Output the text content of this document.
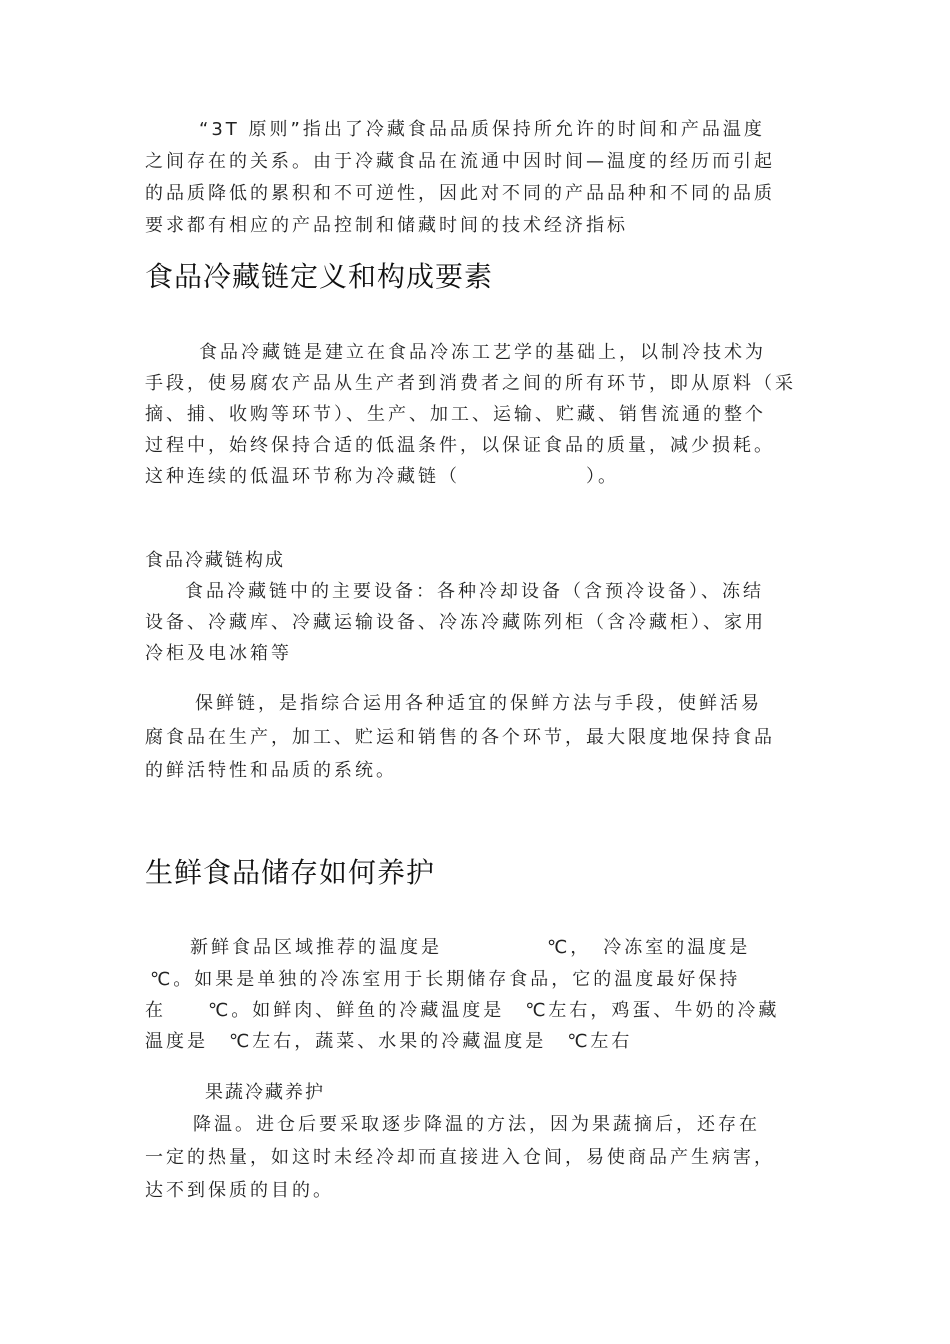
“3T 原则”指出了冷藏食品品质保持所允许的时间和产品温度
之间存在的关系。由于冷藏食品在流通中因时间—温度的经历而引起
的品质降低的累积和不可逆性，因此对不同的产品品种和不同的品质
要求都有相应的产品控制和储藏时间的技术经济指标
食品冷藏链定义和构成要素
食品冷藏链是建立在食品冷冻工艺学的基础上，以制冷技术为
手段，使易腐农产品从生产者到消费者之间的所有环节，即从原料（采
摘、捕、收购等环节）、生产、加工、运输、贮藏、销售流通的整个
过程中，始终保持合适的低温条件，以保证食品的质量，减少损耗。
这种连续的低温环节称为冷藏链（　　　　　　）。
食品冷藏链构成
食品冷藏链中的主要设备：各种冷却设备（含预冷设备）、冻结
设备、冷藏库、冷藏运输设备、冷冻冷藏陈列柜（含冷藏柜）、家用
冷柜及电冰箱等
保鲜链，是指综合运用各种适宜的保鲜方法与手段，使鲜活易
腐食品在生产，加工、贮运和销售的各个环节，最大限度地保持食品
的鲜活特性和品质的系统。
生鲜食品储存如何养护
新鲜食品区域推荐的温度是　　　　　℃，　冷冻室的温度是
℃。如果是单独的冷冻室用于长期储存食品，它的温度最好保持
在　　℃。如鲜肉、鲜鱼的冷藏温度是　℃左右，鸡蛋、牛奶的冷藏
温度是　℃左右，蔬菜、水果的冷藏温度是　℃左右
果蔬冷藏养护
降温。进仓后要采取逐步降温的方法，因为果蔬摘后，还存在
一定的热量，如这时未经冷却而直接进入仓间，易使商品产生病害，
达不到保质的目的。
